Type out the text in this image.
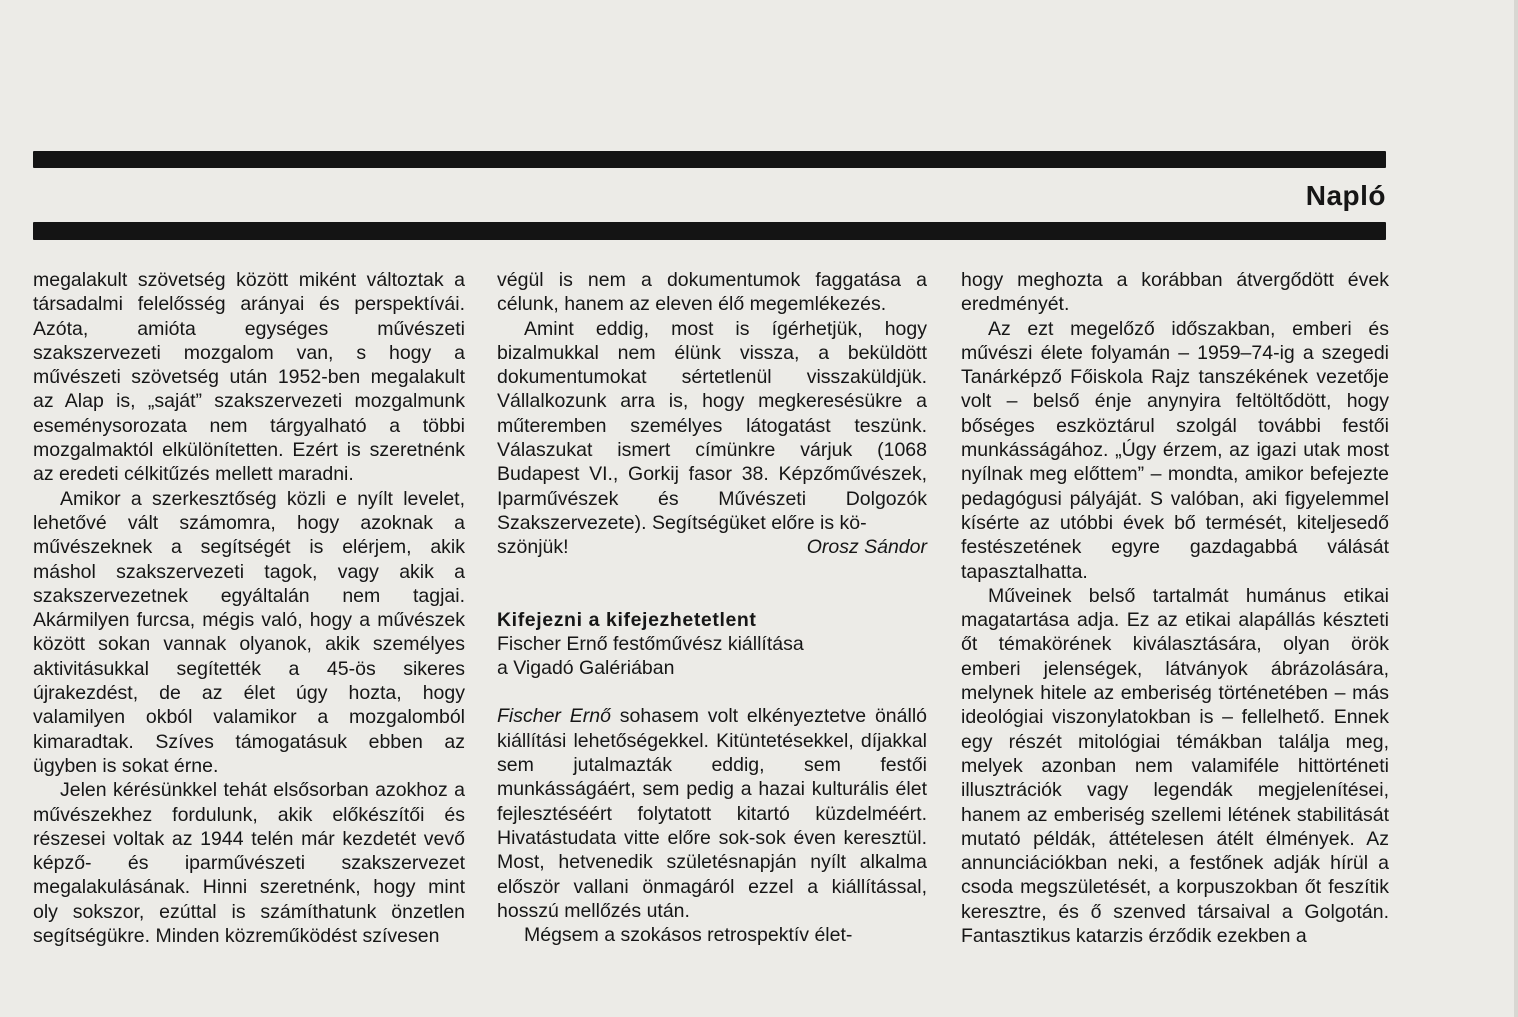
Napló

megalakult szövetség között miként változtak a társadalmi felelősség arányai és perspektívái. Azóta, amióta egységes művészeti szakszervezeti mozgalom van, s hogy a művészeti szövetség után 1952-ben megalakult az Alap is, „saját” szakszervezeti mozgalmunk eseménysorozata nem tárgyalható a többi mozgalmaktól elkülönítetten. Ezért is szeretnénk az eredeti célkitűzés mellett maradni.

Amikor a szerkesztőség közli e nyílt levelet, lehetővé vált számomra, hogy azoknak a művészeknek a segítségét is elérjem, akik máshol szakszervezeti tagok, vagy akik a szakszervezetnek egyáltalán nem tagjai. Akármilyen furcsa, mégis való, hogy a művészek között sokan vannak olyanok, akik személyes aktivitásukkal segítették a 45-ös sikeres újrakezdést, de az élet úgy hozta, hogy valamilyen okból valamikor a mozgalomból kimaradtak. Szíves támogatásuk ebben az ügyben is sokat érne.

Jelen kérésünkkel tehát elsősorban azokhoz a művészekhez fordulunk, akik előkészítői és részesei voltak az 1944 telén már kezdetét vevő képző- és iparművészeti szakszervezet megalakulásának. Hinni szeretnénk, hogy mint oly sokszor, ezúttal is számíthatunk önzetlen segítségükre. Minden közreműködést szívesen

végül is nem a dokumentumok faggatása a célunk, hanem az eleven élő megemlékezés.

Amint eddig, most is ígérhetjük, hogy bizalmukkal nem élünk vissza, a beküldött dokumentumokat sértetlenül visszaküldjük. Vállalkozunk arra is, hogy megkeresésükre a műteremben személyes látogatást teszünk. Válaszukat ismert címünkre várjuk (1068 Budapest VI., Gorkij fasor 38. Képzőművészek, Iparművészek és Művészeti Dolgozók Szakszervezete). Segítségüket előre is kö-

szönjük!	Orosz Sándor
Kifejezni a kifejezhetetlent
Fischer Ernő festőművész kiállítása
a Vigadó Galériában

Fischer Ernő sohasem volt elkényeztetve önálló kiállítási lehetőségekkel. Kitüntetésekkel, díjakkal sem jutalmazták eddig, sem festői munkásságáért, sem pedig a hazai kulturális élet fejlesztéséért folytatott kitartó küzdelméért. Hivatástudata vitte előre sok-sok éven keresztül. Most, hetvenedik születésnapján nyílt alkalma először vallani önmagáról ezzel a kiállítással, hosszú mellőzés után.

Mégsem a szokásos retrospektív élet-

hogy meghozta a korábban átvergődött évek eredményét.

Az ezt megelőző időszakban, emberi és művészi élete folyamán – 1959–74-ig a szegedi Tanárképző Főiskola Rajz tanszékének vezetője volt – belső énje anynyira feltöltődött, hogy bőséges eszköztárul szolgál további festői munkásságához. „Úgy érzem, az igazi utak most nyílnak meg előttem” – mondta, amikor befejezte pedagógusi pályáját. S valóban, aki figyelemmel kísérte az utóbbi évek bő termését, kiteljesedő festészetének egyre gazdagabbá válását tapasztalhatta.

Műveinek belső tartalmát humánus etikai magatartása adja. Ez az etikai alapállás készteti őt témakörének kiválasztására, olyan örök emberi jelenségek, látványok ábrázolására, melynek hitele az emberiség történetében – más ideológiai viszonylatokban is – fellelhető. Ennek egy részét mitológiai témákban találja meg, melyek azonban nem valamiféle hittörténeti illusztrációk vagy legendák megjelenítései, hanem az emberiség szellemi létének stabilitását mutató példák, áttételesen átélt élmények. Az annunciációkban neki, a festőnek adják hírül a csoda megszületését, a korpuszokban őt feszítik keresztre, és ő szenved társaival a Golgotán. Fantasztikus katarzis érződik ezekben a
